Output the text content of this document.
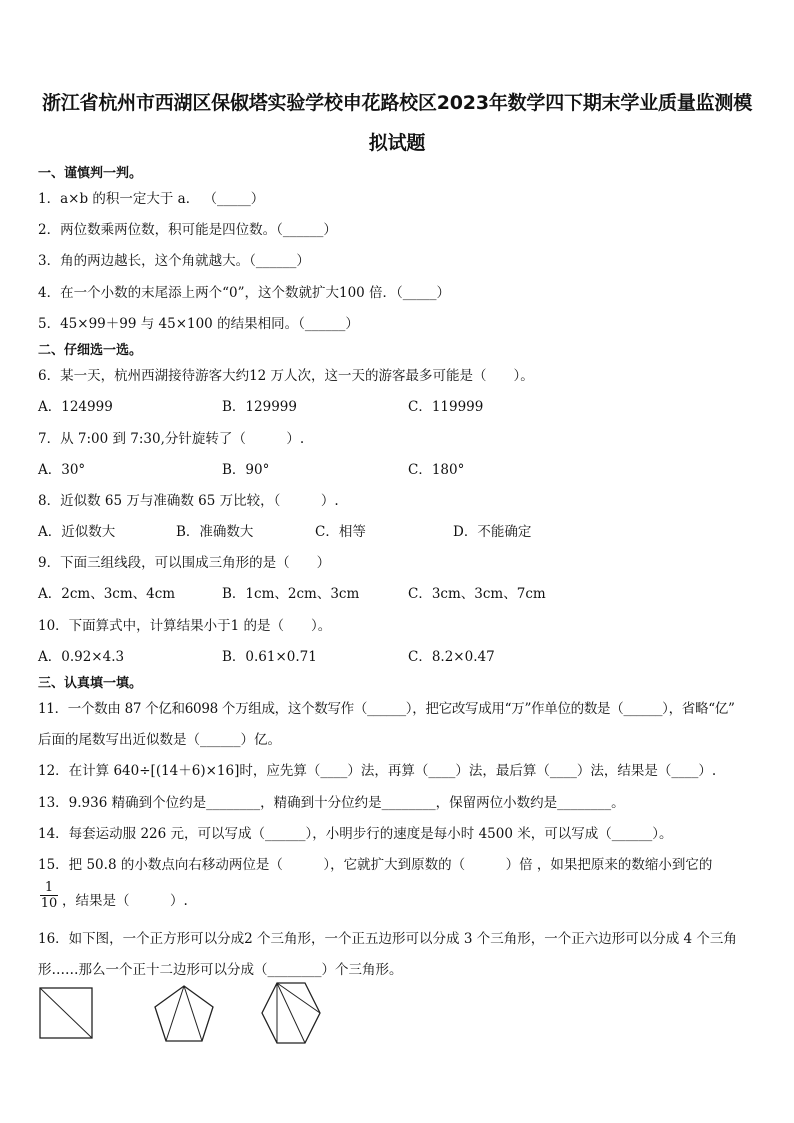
浙江省杭州市西湖区保俶塔实验学校申花路校区2023年数学四下期末学业质量监测模
拟试题
一、谨慎判一判。
1．a×b 的积一定大于 a． （_____）
2．两位数乘两位数，积可能是四位数。（______）
3．角的两边越长，这个角就越大。（______）
4．在一个小数的末尾添上两个“0”，这个数就扩大100 倍．（_____）
5．45×99＋99 与 45×100 的结果相同。（______）
二、仔细选一选。
6．某一天，杭州西湖接待游客大约12 万人次，这一天的游客最多可能是（　　）。
A．124999	B．129999	C．119999
7．从 7:00 到 7:30,分针旋转了（　　　）.
A．30°	B．90°	C．180°
8．近似数 65 万与准确数 65 万比较，（　　　）.
A．近似数大	B．准确数大	C．相等	D．不能确定
9．下面三组线段，可以围成三角形的是（　　）
A．2cm、3cm、4cm	B．1cm、2cm、3cm	C．3cm、3cm、7cm
10．下面算式中，计算结果小于1 的是（　　）。
A．0.92×4.3	B．0.61×0.71	C．8.2×0.47
三、认真填一填。
11．一个数由 87 个亿和6098 个万组成，这个数写作（______），把它改写成用“万”作单位的数是（______），省略“亿”
后面的尾数写出近似数是（______）亿。
12．在计算 640÷[(14＋6)×16]时，应先算（____）法，再算（____）法，最后算（____）法，结果是（____）.
13．9.936 精确到个位约是________，精确到十分位约是________，保留两位小数约是________。
14．每套运动服 226 元，可以写成（______），小明步行的速度是每小时 4500 米，可以写成（______）。
15．把 50.8 的小数点向右移动两位是（　　　），它就扩大到原数的（　　　）倍 ，如果把原来的数缩小到它的
$\frac{1}{10}$ ，结果是（　　　）.
16．如下图，一个正方形可以分成2 个三角形，一个正五边形可以分成 3 个三角形，一个正六边形可以分成 4 个三角
形……那么一个正十二边形可以分成（________）个三角形。
